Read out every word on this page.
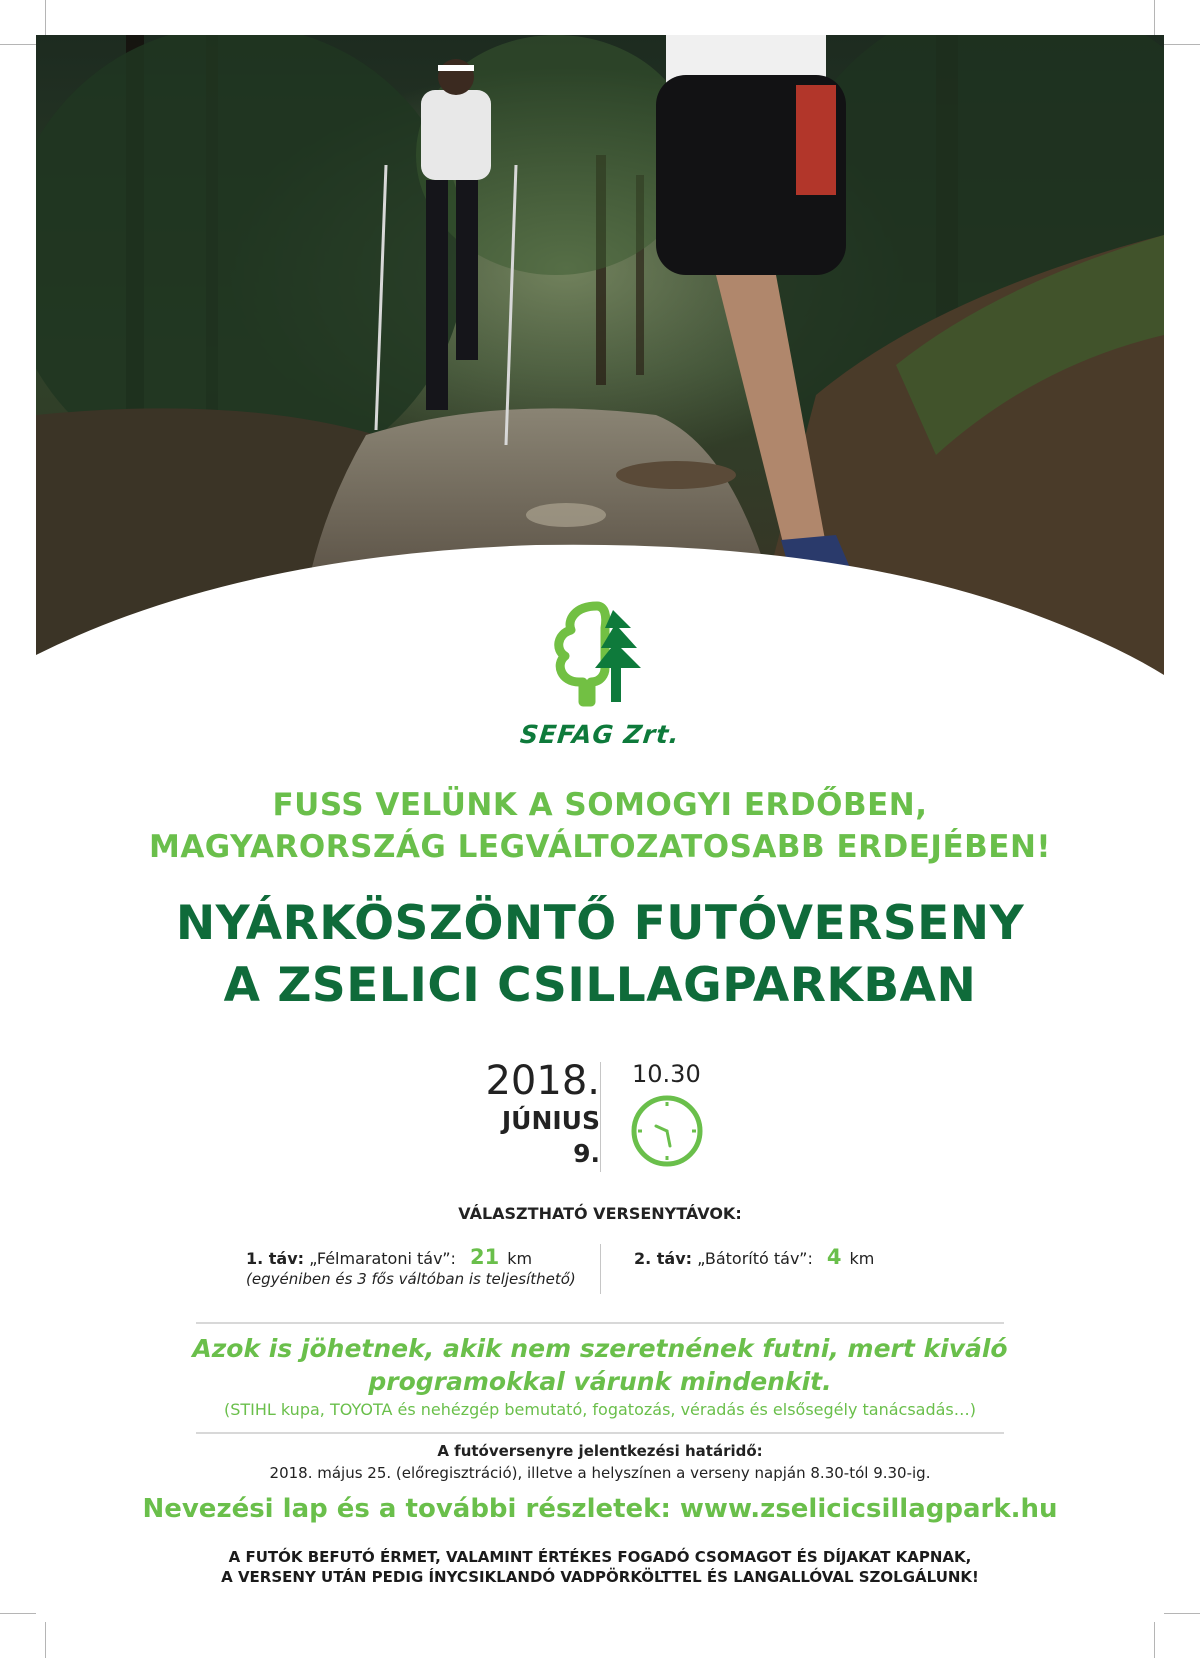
SEFAG Zrt.
FUSS VELÜNK A SOMOGYI ERDŐBEN,
MAGYARORSZÁG LEGVÁLTOZATOSABB ERDEJÉBEN!
NYÁRKÖSZÖNTŐ FUTÓVERSENY
A ZSELICI CSILLAGPARKBAN
2018.
JÚNIUS
9.
10.30
VÁLASZTHATÓ VERSENYTÁVOK:
1. táv: „Félmaratoni táv”: 21 km
(egyéniben és 3 fős váltóban is teljesíthető)
2. táv: „Bátorító táv”: 4 km
Azok is jöhetnek, akik nem szeretnének futni, mert kiváló
programokkal várunk mindenkit.
(STIHL kupa, TOYOTA és nehézgép bemutató, fogatozás, véradás és elsősegély tanácsadás…)
A futóversenyre jelentkezési határidő:
2018. május 25. (előregisztráció), illetve a helyszínen a verseny napján 8.30-tól 9.30-ig.
Nevezési lap és a további részletek: www.zselicicsillagpark.hu
A FUTÓK BEFUTÓ ÉRMET, VALAMINT ÉRTÉKES FOGADÓ CSOMAGOT ÉS DÍJAKAT KAPNAK,
A VERSENY UTÁN PEDIG ÍNYCSIKLANDÓ VADPÖRKÖLTTEL ÉS LANGALLÓVAL SZOLGÁLUNK!
